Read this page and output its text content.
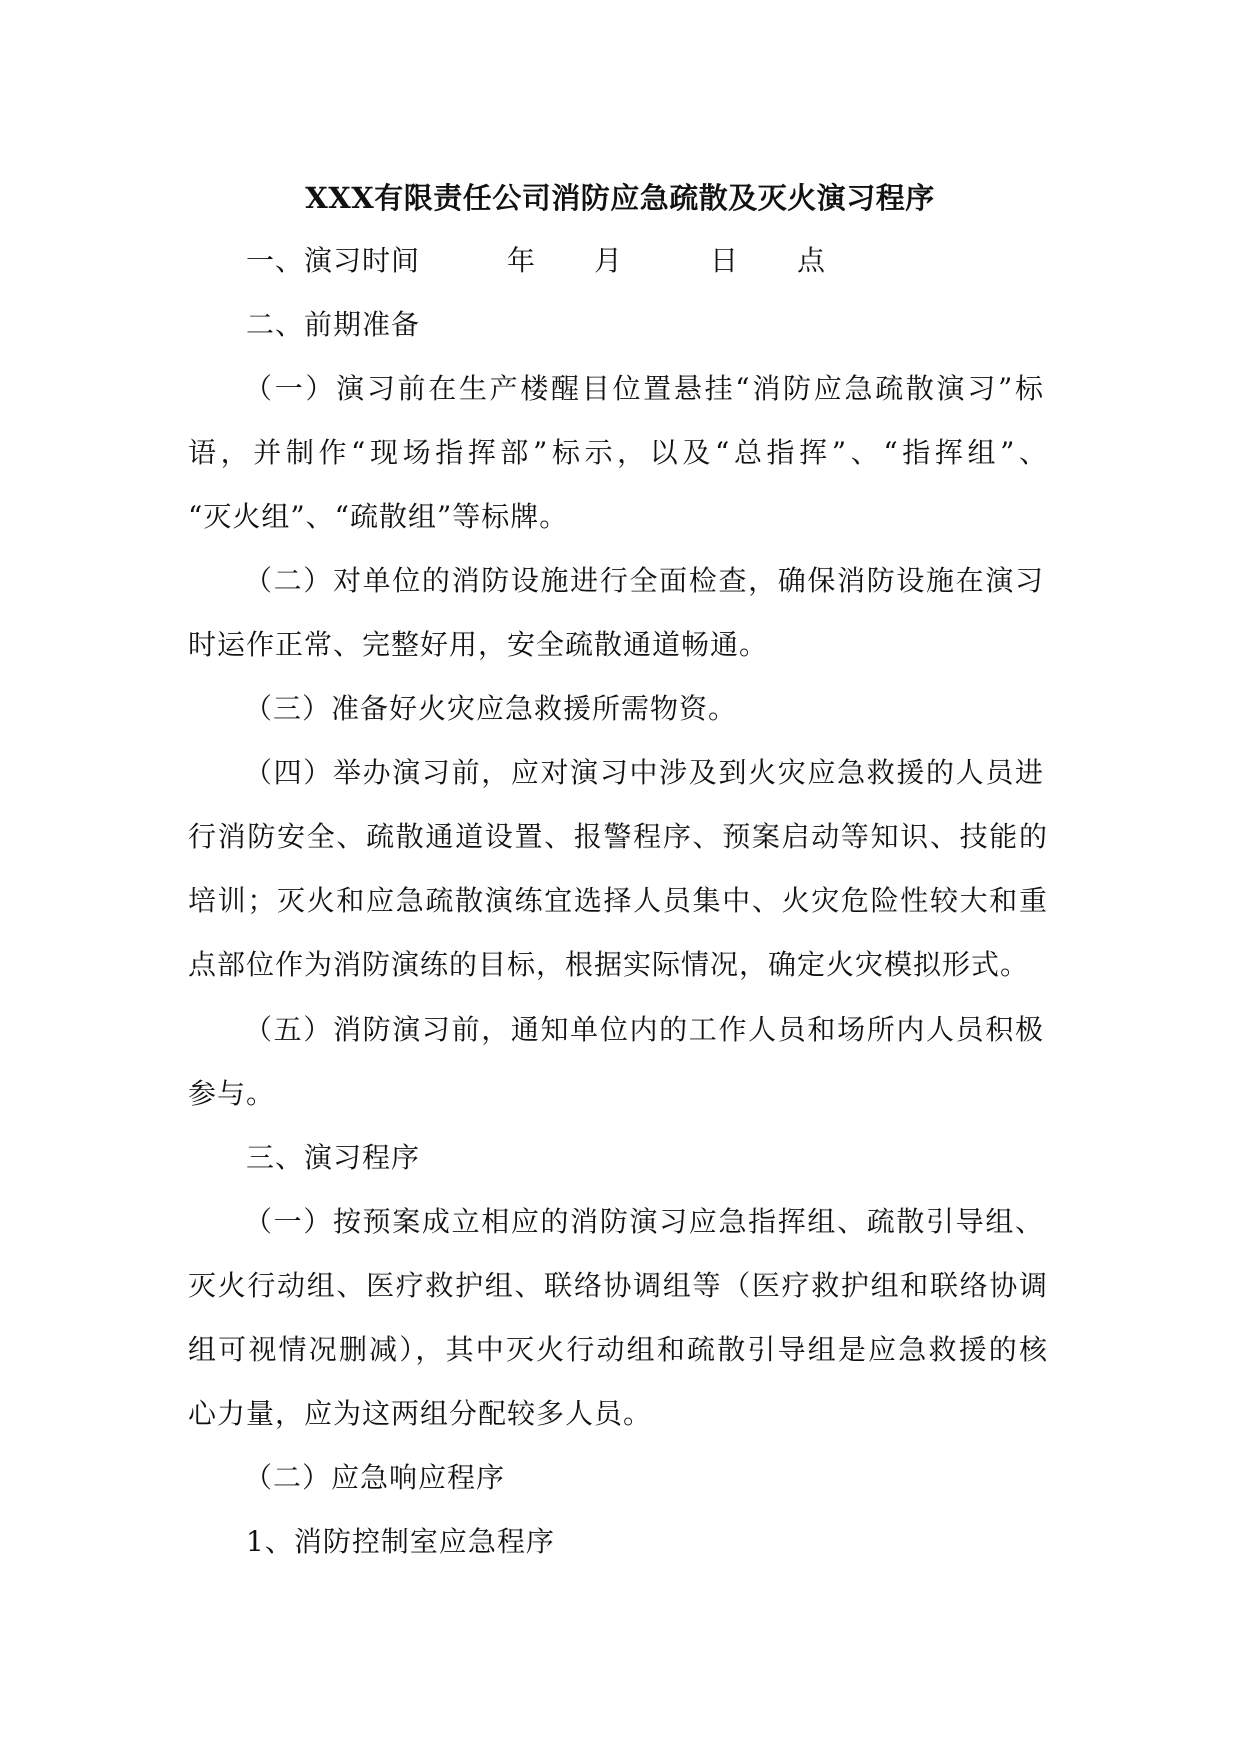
XXX有限责任公司消防应急疏散及灭火演习程序
一、演习时间　　　年　　月　　　日　　点
二、前期准备
（一）演习前在生产楼醒目位置悬挂“消防应急疏散演习”标
语，并制作“现场指挥部”标示，以及“总指挥”、“指挥组”、
“灭火组”、“疏散组”等标牌。
（二）对单位的消防设施进行全面检查，确保消防设施在演习
时运作正常、完整好用，安全疏散通道畅通。
（三）准备好火灾应急救援所需物资。
（四）举办演习前，应对演习中涉及到火灾应急救援的人员进
行消防安全、疏散通道设置、报警程序、预案启动等知识、技能的
培训；灭火和应急疏散演练宜选择人员集中、火灾危险性较大和重
点部位作为消防演练的目标，根据实际情况，确定火灾模拟形式。
（五）消防演习前，通知单位内的工作人员和场所内人员积极
参与。
三、演习程序
（一）按预案成立相应的消防演习应急指挥组、疏散引导组、
灭火行动组、医疗救护组、联络协调组等（医疗救护组和联络协调
组可视情况删减），其中灭火行动组和疏散引导组是应急救援的核
心力量，应为这两组分配较多人员。
（二）应急响应程序
1、消防控制室应急程序
